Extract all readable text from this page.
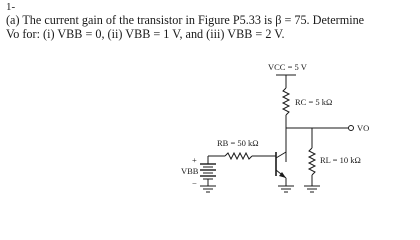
1-
(a) The current gain of the transistor in Figure P5.33 is β = 75. Determine
Vo for: (i) VBB = 0, (ii) VBB = 1 V, and (iii) VBB = 2 V.
VCC = 5 V
RC = 5 kΩ
VO
RB = 50 kΩ
RL = 10 kΩ
+
VBB
−
